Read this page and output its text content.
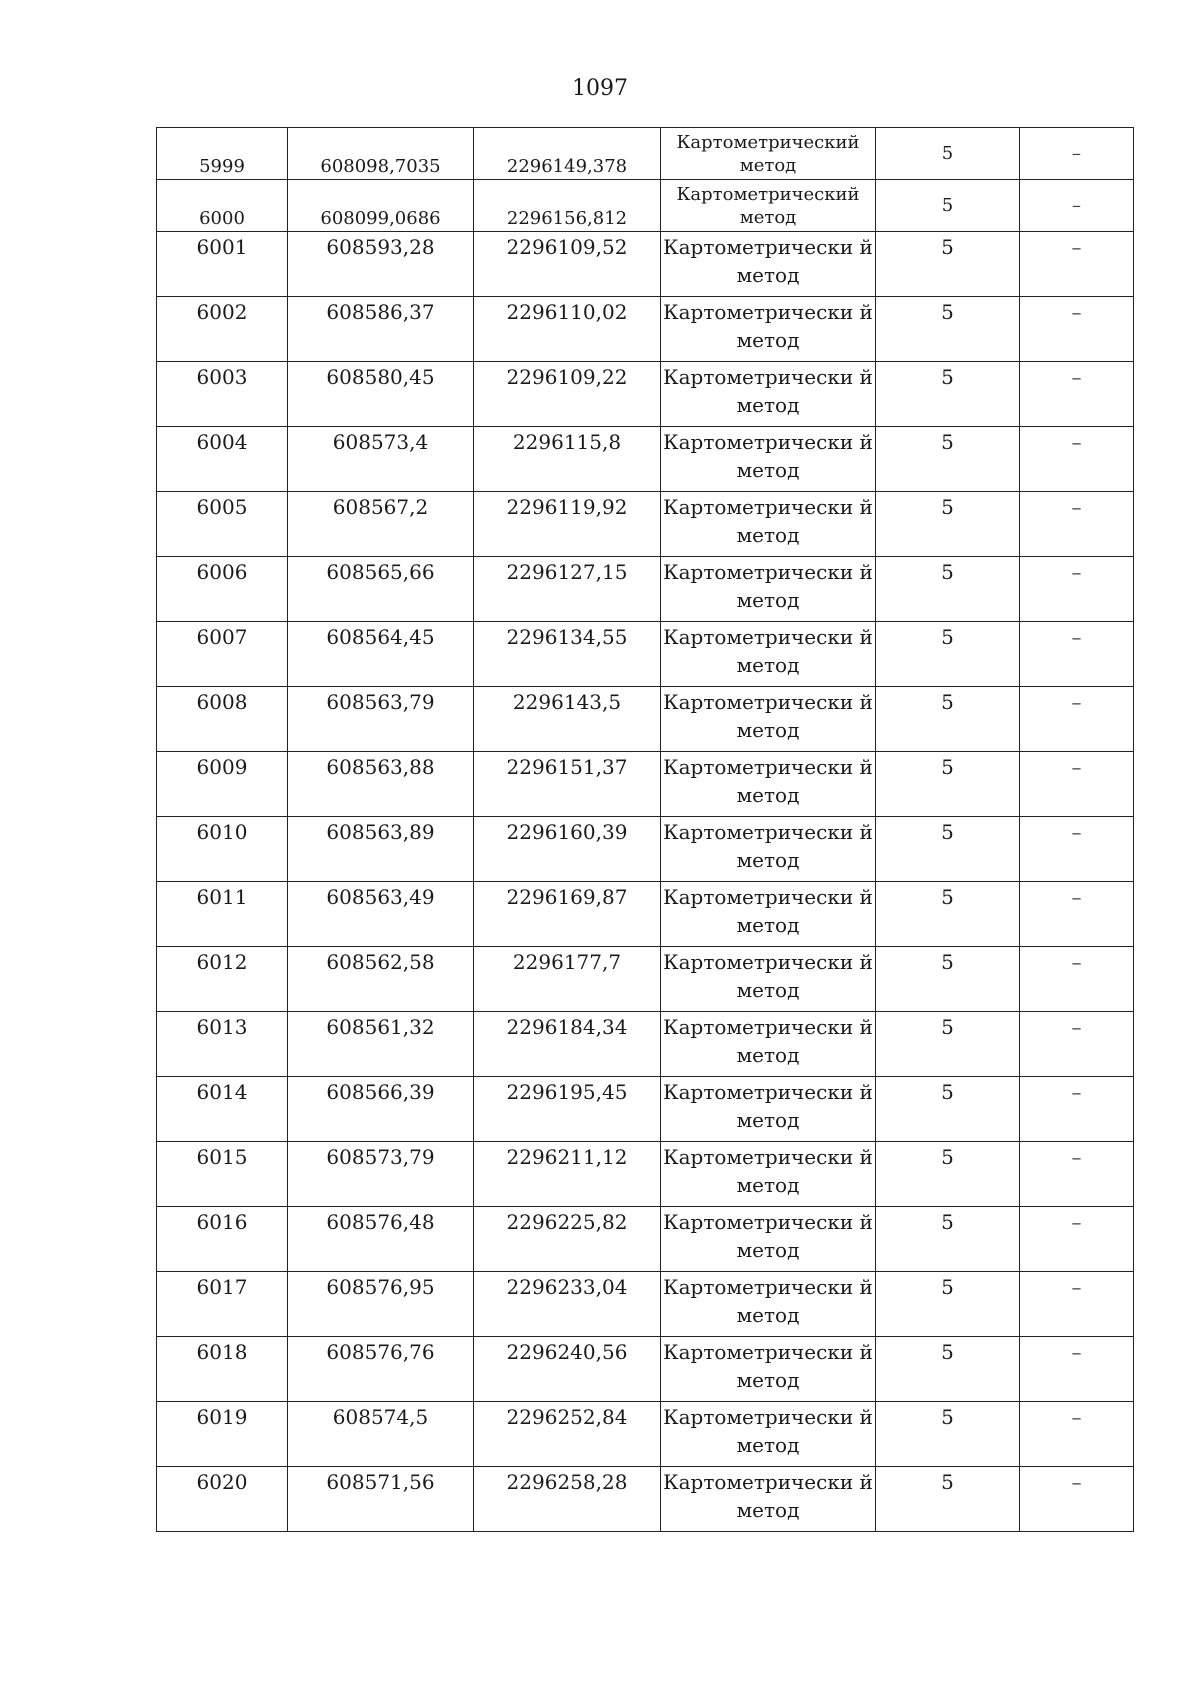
1097
5999	608098,7035	2296149,378	Картометрический метод	5	–
6000	608099,0686	2296156,812	Картометрический метод	5	–
6001	608593,28	2296109,52	Картометрически й метод	5	–
6002	608586,37	2296110,02	Картометрически й метод	5	–
6003	608580,45	2296109,22	Картометрически й метод	5	–
6004	608573,4	2296115,8	Картометрически й метод	5	–
6005	608567,2	2296119,92	Картометрически й метод	5	–
6006	608565,66	2296127,15	Картометрически й метод	5	–
6007	608564,45	2296134,55	Картометрически й метод	5	–
6008	608563,79	2296143,5	Картометрически й метод	5	–
6009	608563,88	2296151,37	Картометрически й метод	5	–
6010	608563,89	2296160,39	Картометрически й метод	5	–
6011	608563,49	2296169,87	Картометрически й метод	5	–
6012	608562,58	2296177,7	Картометрически й метод	5	–
6013	608561,32	2296184,34	Картометрически й метод	5	–
6014	608566,39	2296195,45	Картометрически й метод	5	–
6015	608573,79	2296211,12	Картометрически й метод	5	–
6016	608576,48	2296225,82	Картометрически й метод	5	–
6017	608576,95	2296233,04	Картометрически й метод	5	–
6018	608576,76	2296240,56	Картометрически й метод	5	–
6019	608574,5	2296252,84	Картометрически й метод	5	–
6020	608571,56	2296258,28	Картометрически й метод	5	–
